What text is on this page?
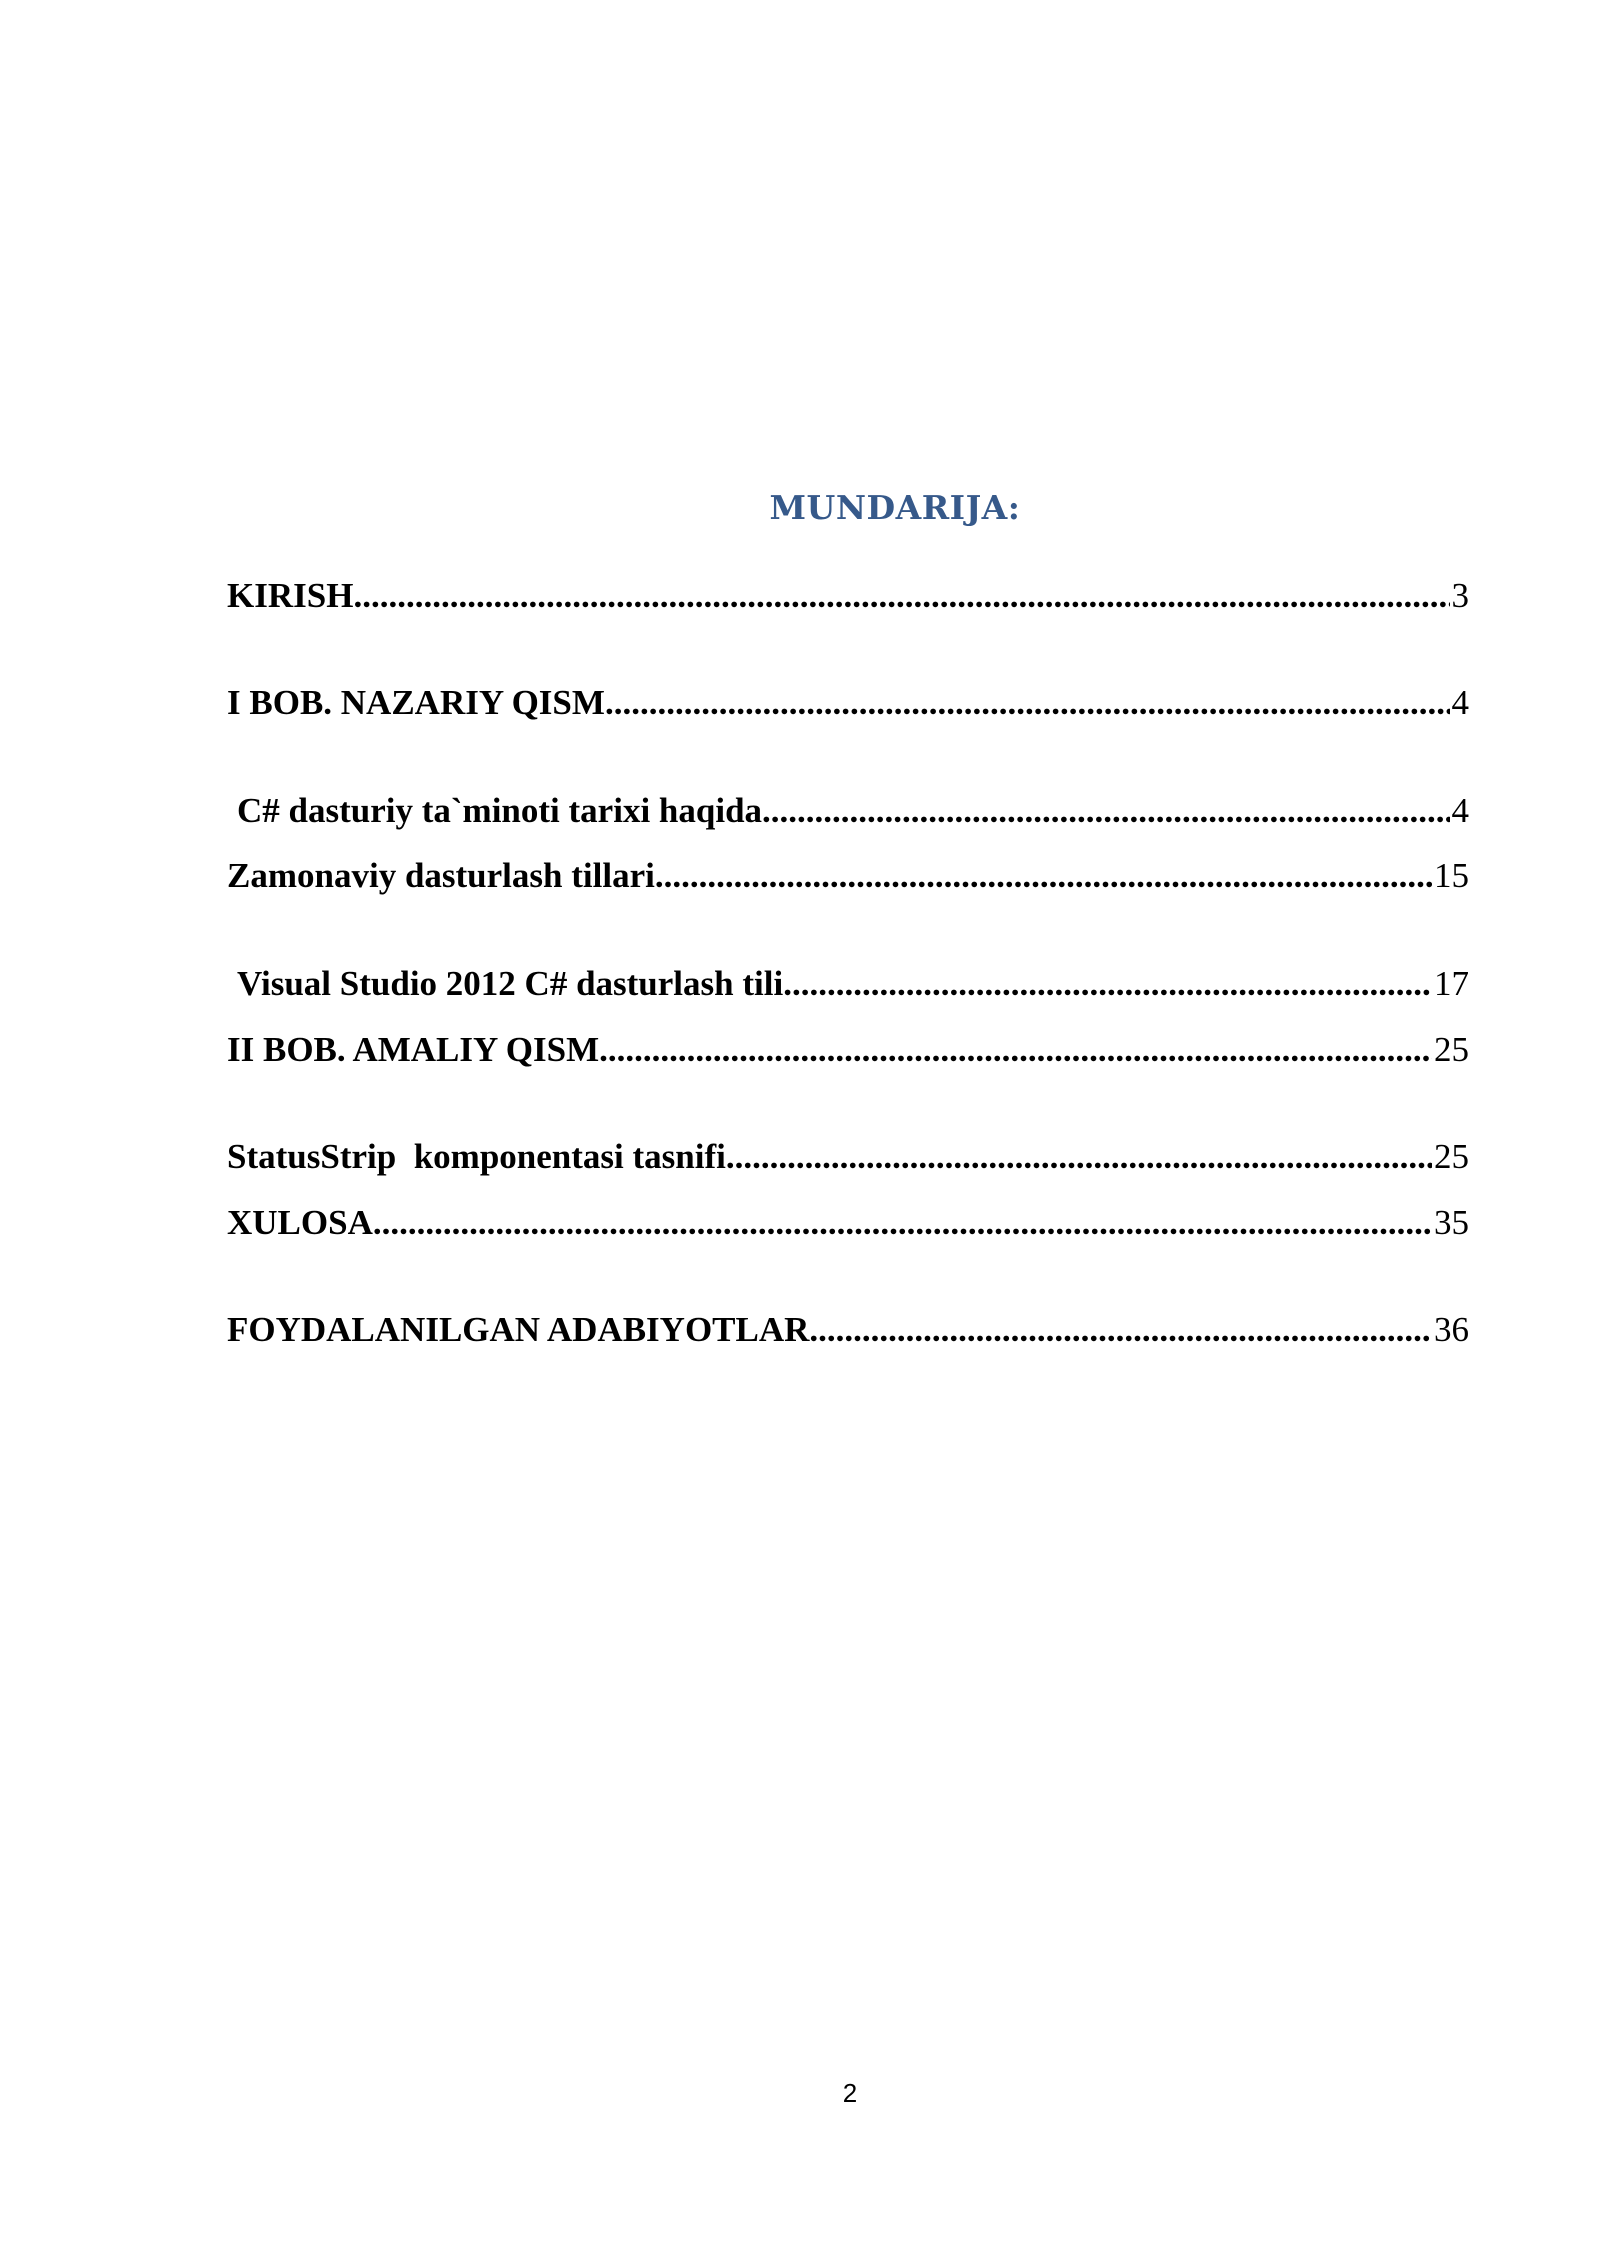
MUNDARIJA:
KIRISH .....	3
I BOB. NAZARIY QISM .....	4
C# dasturiy ta`minoti tarixi haqida .....	4
Zamonaviy dasturlash tillari .....	15
Visual Studio 2012 C# dasturlash tili .....	17
II BOB. AMALIY QISM .....	25
StatusStrip  komponentasi tasnifi .....	25
XULOSA .....	35
FOYDALANILGAN ADABIYOTLAR .....	36
2
